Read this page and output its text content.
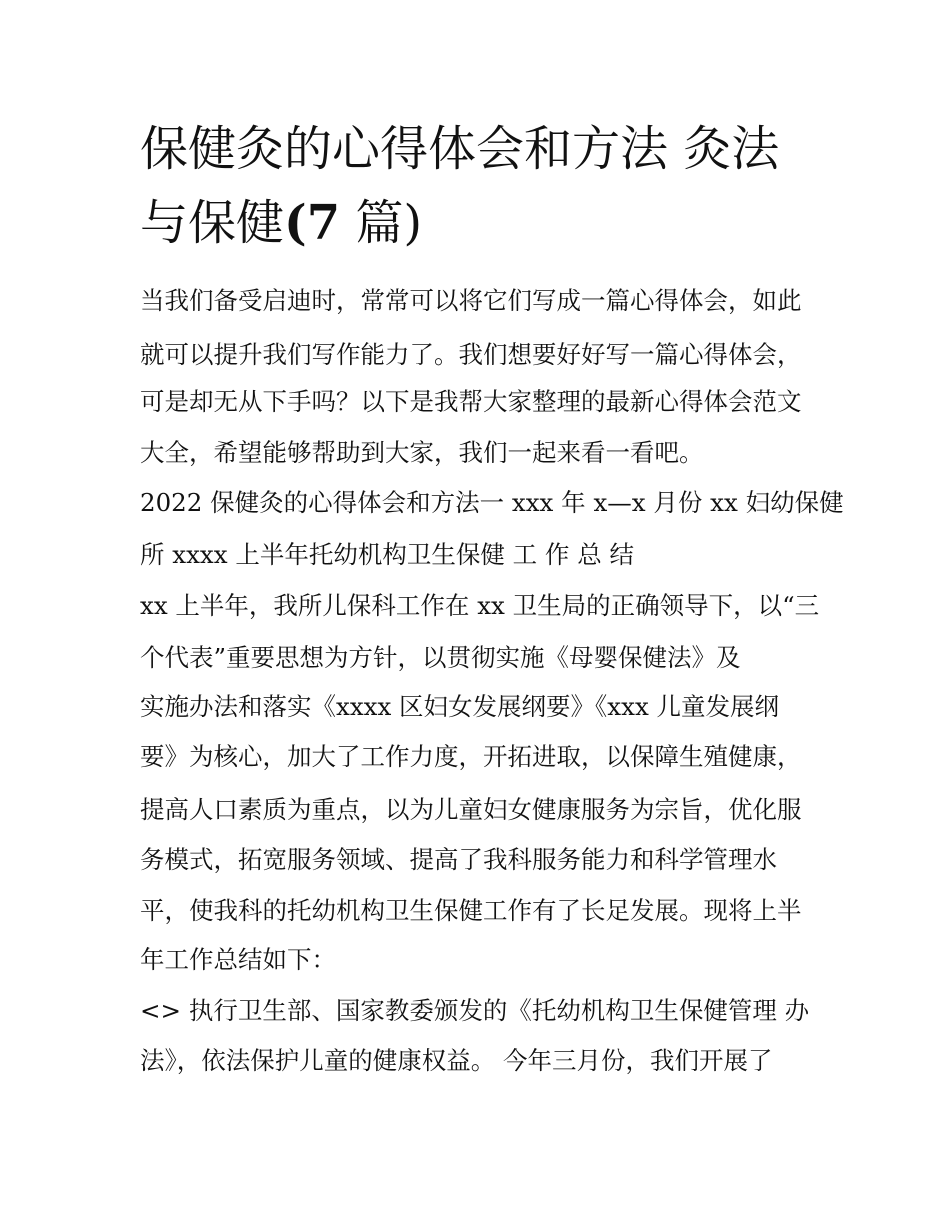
保健灸的心得体会和方法 灸法
与保健(7 篇)

当我们备受启迪时，常常可以将它们写成一篇心得体会，如此

就可以提升我们写作能力了。我们想要好好写一篇心得体会，

可是却无从下手吗？以下是我帮大家整理的最新心得体会范文

大全，希望能够帮助到大家，我们一起来看一看吧。

2022 保健灸的心得体会和方法一 xxx 年 x—x 月份 xx 妇幼保健

所 xxxx 上半年托幼机构卫生保健 工 作 总 结

xx 上半年，我所儿保科工作在 xx 卫生局的正确领导下，以“三

个代表”重要思想为方针，以贯彻实施《母婴保健法》及

实施办法和落实《xxxx 区妇女发展纲要》《xxx 儿童发展纲

要》为核心，加大了工作力度，开拓进取，以保障生殖健康，

提高人口素质为重点，以为儿童妇女健康服务为宗旨，优化服

务模式，拓宽服务领域、提高了我科服务能力和科学管理水

平，使我科的托幼机构卫生保健工作有了长足发展。现将上半

年工作总结如下：

<> 执行卫生部、国家教委颁发的《托幼机构卫生保健管理 办

法》，依法保护儿童的健康权益。 今年三月份，我们开展了
